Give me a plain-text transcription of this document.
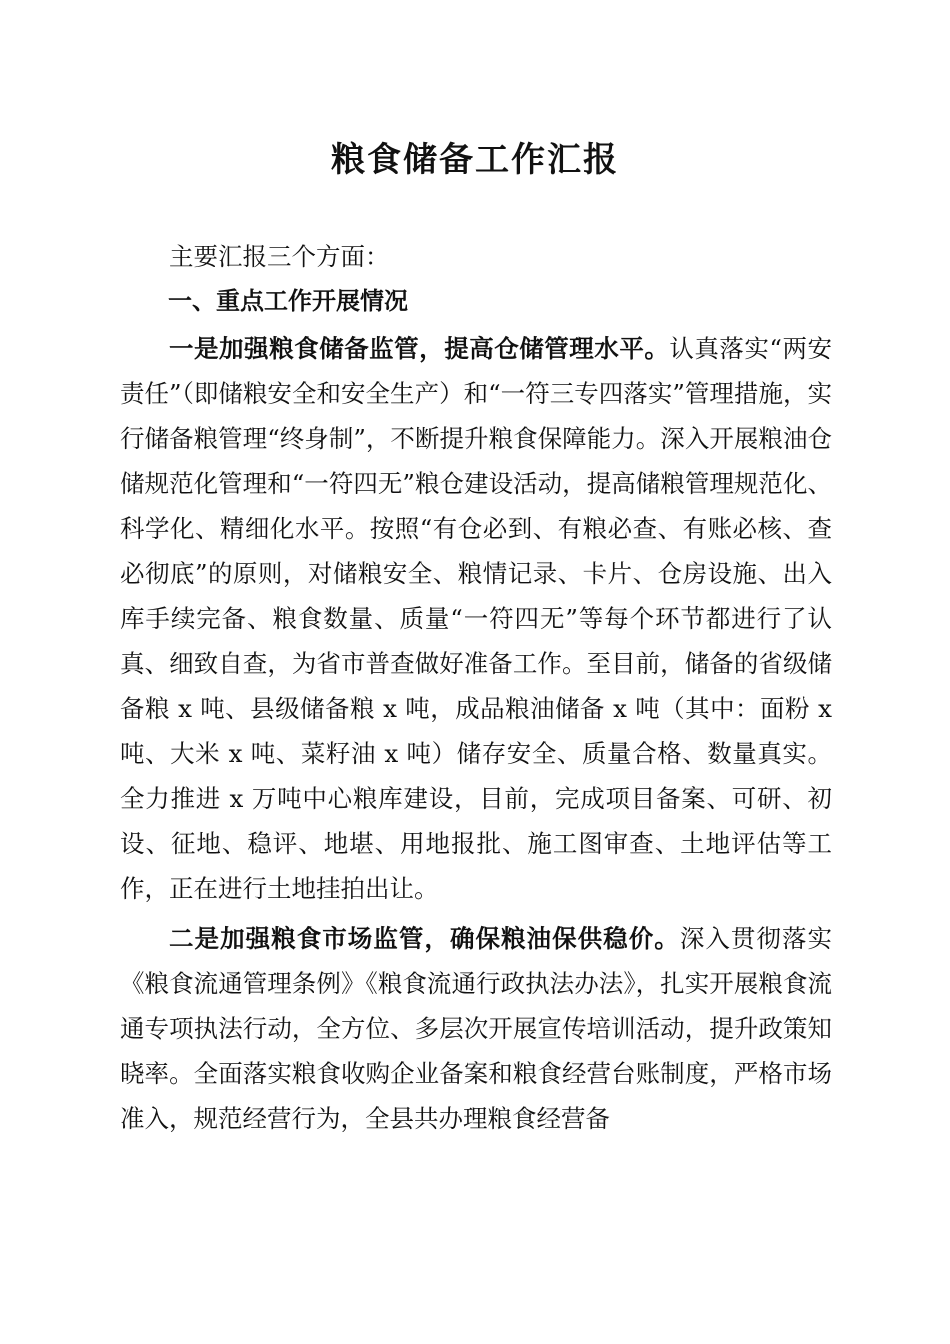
粮食储备工作汇报

主要汇报三个方面：

一、重点工作开展情况

一是加强粮食储备监管，提高仓储管理水平。认真落实“两安责任”（即储粮安全和安全生产）和“一符三专四落实”管理措施，实行储备粮管理“终身制”，不断提升粮食保障能力。深入开展粮油仓储规范化管理和“一符四无”粮仓建设活动，提高储粮管理规范化、科学化、精细化水平。按照“有仓必到、有粮必查、有账必核、查必彻底”的原则，对储粮安全、粮情记录、卡片、仓房设施、出入库手续完备、粮食数量、质量“一符四无”等每个环节都进行了认真、细致自查，为省市普查做好准备工作。至目前，储备的省级储备粮 x 吨、县级储备粮 x 吨，成品粮油储备 x 吨（其中：面粉 x 吨、大米 x 吨、菜籽油 x 吨）储存安全、质量合格、数量真实。全力推进 x 万吨中心粮库建设，目前，完成项目备案、可研、初设、征地、稳评、地堪、用地报批、施工图审查、土地评估等工作，正在进行土地挂拍出让。

二是加强粮食市场监管，确保粮油保供稳价。深入贯彻落实《粮食流通管理条例》《粮食流通行政执法办法》，扎实开展粮食流通专项执法行动，全方位、多层次开展宣传培训活动，提升政策知晓率。全面落实粮食收购企业备案和粮食经营台账制度，严格市场准入，规范经营行为，全县共办理粮食经营备
